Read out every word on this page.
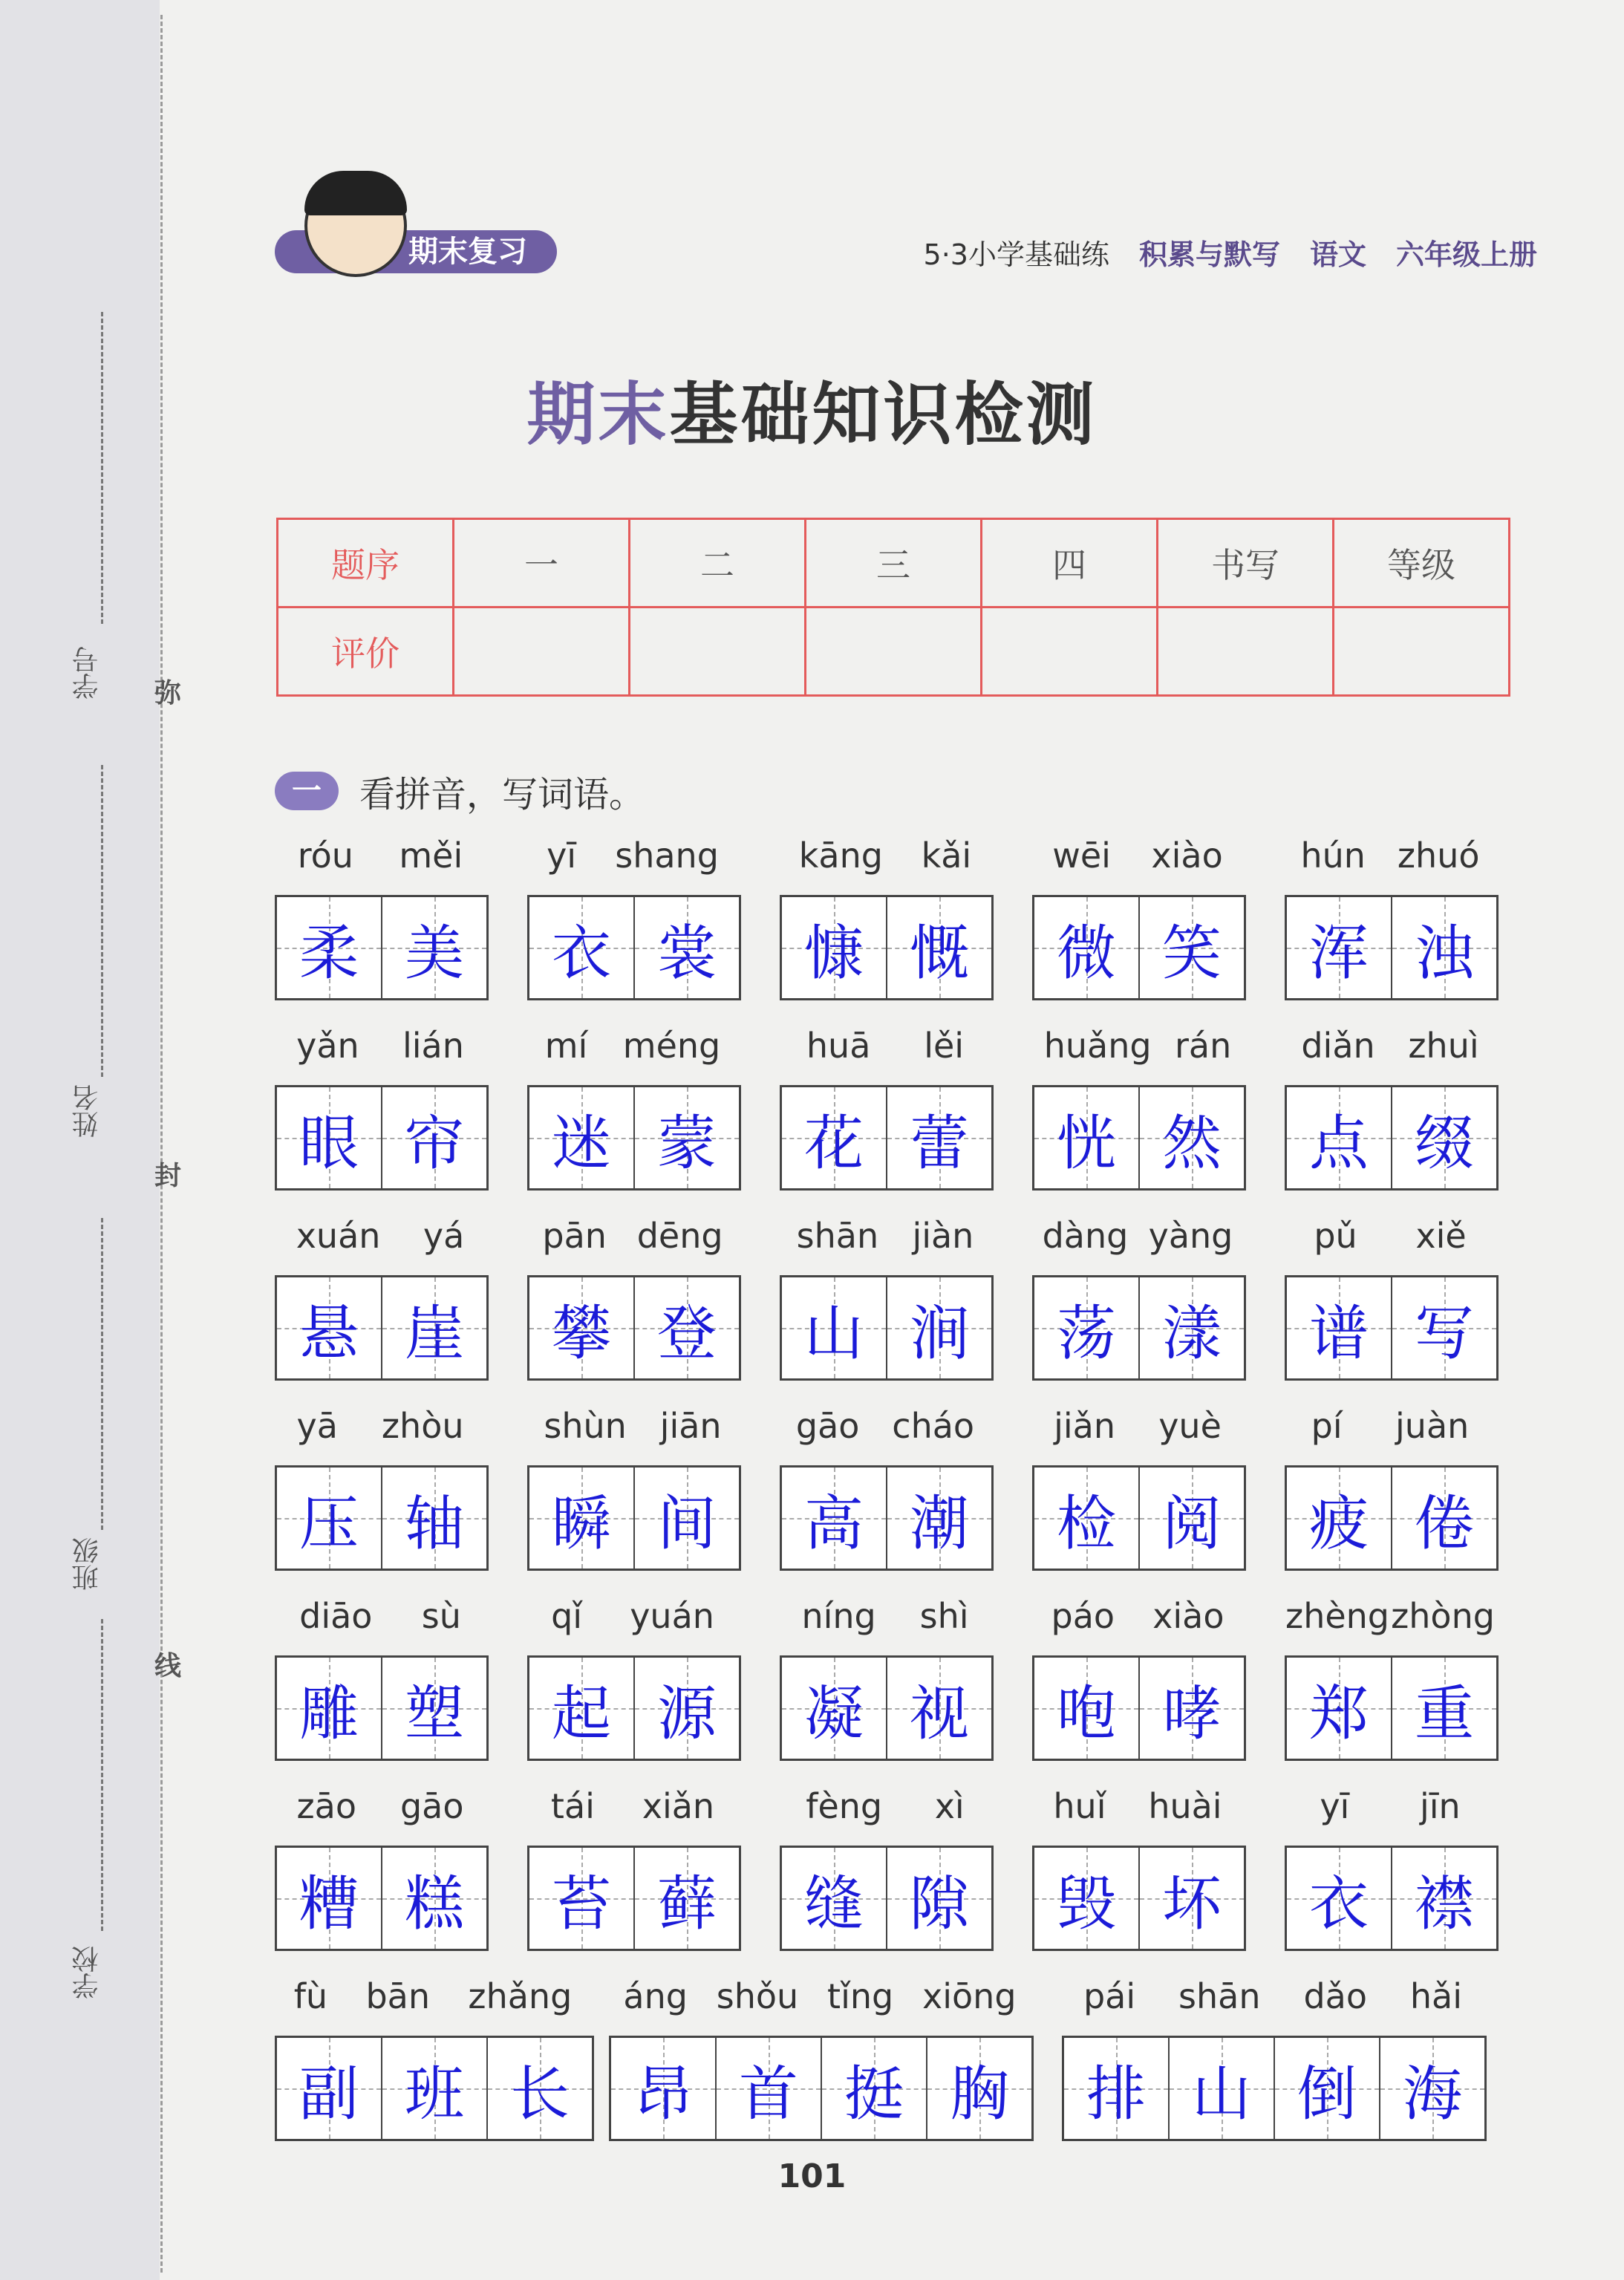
学号
姓名
班级
学校
弥
封
线
期末复习	5·3小学基础练 积累与默写 语文 六年级上册
期末基础知识检测
题序	一	二	三	四	书写	等级
评价						
一	看拼音，写词语。
róu měi
柔 美
yī shang
衣 裳
kāng kǎi
慷 慨
wēi xiào
微 笑
hún zhuó
浑 浊
yǎn lián
眼 帘
mí méng
迷 蒙
huā lěi
花 蕾
huǎng rán
恍 然
diǎn zhuì
点 缀
xuán yá
悬 崖
pān dēng
攀 登
shān jiàn
山 涧
dàng yàng
荡 漾
pǔ xiě
谱 写
yā zhòu
压 轴
shùn jiān
瞬 间
gāo cháo
高 潮
jiǎn yuè
检 阅
pí juàn
疲 倦
diāo sù
雕 塑
qǐ yuán
起 源
níng shì
凝 视
páo xiào
咆 哮
zhèng zhòng
郑 重
zāo gāo
糟 糕
tái xiǎn
苔 藓
fèng xì
缝 隙
huǐ huài
毁 坏
yī jīn
衣 襟
fù bān zhǎng
副 班 长
áng shǒu tǐng xiōng
昂 首 挺 胸
pái shān dǎo hǎi
排 山 倒 海
101
